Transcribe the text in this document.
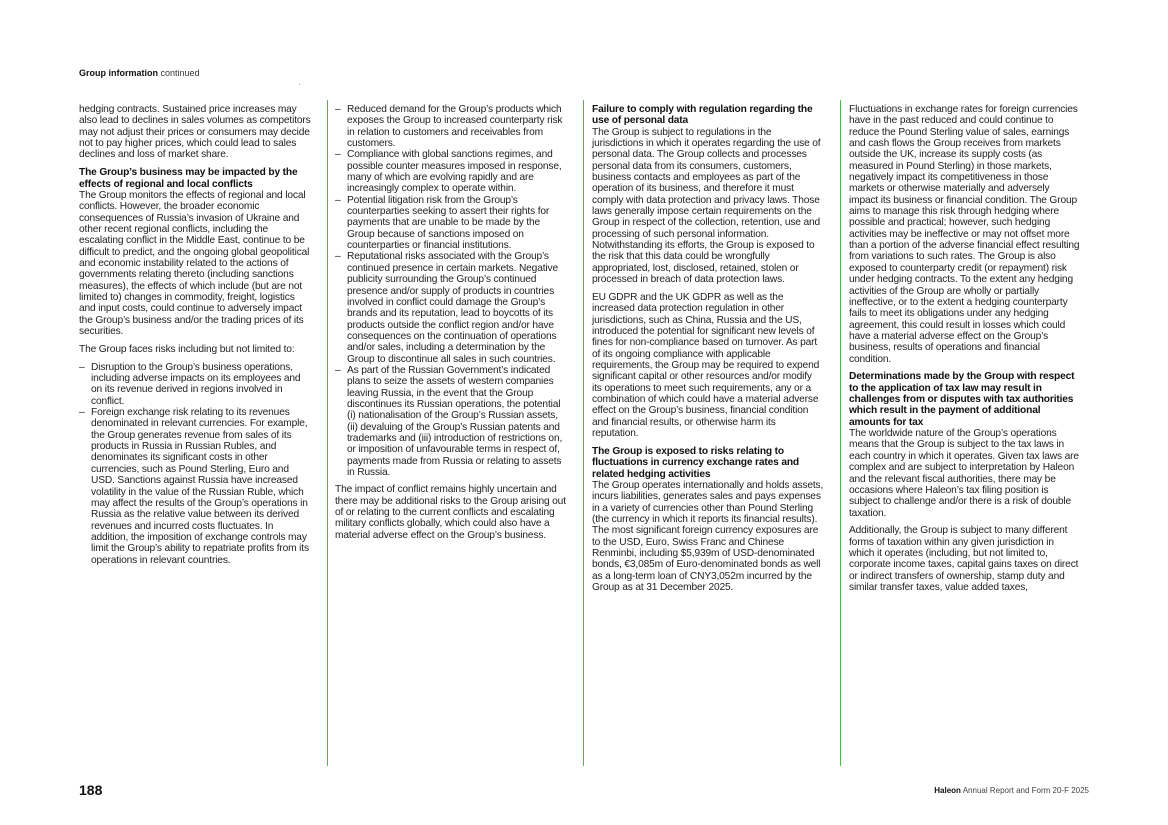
Group information continued

hedging contracts. Sustained price increases may also lead to declines in sales volumes as competitors may not adjust their prices or consumers may decide not to pay higher prices, which could lead to sales declines and loss of market share.

The Group’s business may be impacted by the effects of regional and local conflicts

The Group monitors the effects of regional and local conflicts. However, the broader economic consequences of Russia’s invasion of Ukraine and other recent regional conflicts, including the escalating conflict in the Middle East, continue to be difficult to predict, and the ongoing global geopolitical and economic instability related to the actions of governments relating thereto (including sanctions measures), the effects of which include (but are not limited to) changes in commodity, freight, logistics and input costs, could continue to adversely impact the Group’s business and/or the trading prices of its securities.

The Group faces risks including but not limited to:

– Disruption to the Group’s business operations, including adverse impacts on its employees and on its revenue derived in regions involved in conflict.
– Foreign exchange risk relating to its revenues denominated in relevant currencies. For example, the Group generates revenue from sales of its products in Russia in Russian Rubles, and denominates its significant costs in other currencies, such as Pound Sterling, Euro and USD. Sanctions against Russia have increased volatility in the value of the Russian Ruble, which may affect the results of the Group’s operations in Russia as the relative value between its derived revenues and incurred costs fluctuates. In addition, the imposition of exchange controls may limit the Group’s ability to repatriate profits from its operations in relevant countries.
– Reduced demand for the Group’s products which exposes the Group to increased counterparty risk in relation to customers and receivables from customers.
– Compliance with global sanctions regimes, and possible counter measures imposed in response, many of which are evolving rapidly and are increasingly complex to operate within.
– Potential litigation risk from the Group’s counterparties seeking to assert their rights for payments that are unable to be made by the Group because of sanctions imposed on counterparties or financial institutions.
– Reputational risks associated with the Group’s continued presence in certain markets. Negative publicity surrounding the Group’s continued presence and/or supply of products in countries involved in conflict could damage the Group’s brands and its reputation, lead to boycotts of its products outside the conflict region and/or have consequences on the continuation of operations and/or sales, including a determination by the Group to discontinue all sales in such countries.
– As part of the Russian Government’s indicated plans to seize the assets of western companies leaving Russia, in the event that the Group discontinues its Russian operations, the potential (i) nationalisation of the Group’s Russian assets, (ii) devaluing of the Group’s Russian patents and trademarks and (iii) introduction of restrictions on, or imposition of unfavourable terms in respect of, payments made from Russia or relating to assets in Russia.

The impact of conflict remains highly uncertain and there may be additional risks to the Group arising out of or relating to the current conflicts and escalating military conflicts globally, which could also have a material adverse effect on the Group’s business.

Failure to comply with regulation regarding the use of personal data

The Group is subject to regulations in the jurisdictions in which it operates regarding the use of personal data. The Group collects and processes personal data from its consumers, customers, business contacts and employees as part of the operation of its business, and therefore it must comply with data protection and privacy laws. Those laws generally impose certain requirements on the Group in respect of the collection, retention, use and processing of such personal information. Notwithstanding its efforts, the Group is exposed to the risk that this data could be wrongfully appropriated, lost, disclosed, retained, stolen or processed in breach of data protection laws.

EU GDPR and the UK GDPR as well as the increased data protection regulation in other jurisdictions, such as China, Russia and the US, introduced the potential for significant new levels of fines for non-compliance based on turnover. As part of its ongoing compliance with applicable requirements, the Group may be required to expend significant capital or other resources and/or modify its operations to meet such requirements, any or a combination of which could have a material adverse effect on the Group’s business, financial condition and financial results, or otherwise harm its reputation.

The Group is exposed to risks relating to fluctuations in currency exchange rates and related hedging activities

The Group operates internationally and holds assets, incurs liabilities, generates sales and pays expenses in a variety of currencies other than Pound Sterling (the currency in which it reports its financial results). The most significant foreign currency exposures are to the USD, Euro, Swiss Franc and Chinese Renminbi, including $5,939m of USD-denominated bonds, €3,085m of Euro-denominated bonds as well as a long-term loan of CNY3,052m incurred by the Group as at 31 December 2025.

Fluctuations in exchange rates for foreign currencies have in the past reduced and could continue to reduce the Pound Sterling value of sales, earnings and cash flows the Group receives from markets outside the UK, increase its supply costs (as measured in Pound Sterling) in those markets, negatively impact its competitiveness in those markets or otherwise materially and adversely impact its business or financial condition. The Group aims to manage this risk through hedging where possible and practical; however, such hedging activities may be ineffective or may not offset more than a portion of the adverse financial effect resulting from variations to such rates. The Group is also exposed to counterparty credit (or repayment) risk under hedging contracts. To the extent any hedging activities of the Group are wholly or partially ineffective, or to the extent a hedging counterparty fails to meet its obligations under any hedging agreement, this could result in losses which could have a material adverse effect on the Group’s business, results of operations and financial condition.

Determinations made by the Group with respect to the application of tax law may result in challenges from or disputes with tax authorities which result in the payment of additional amounts for tax

The worldwide nature of the Group’s operations means that the Group is subject to the tax laws in each country in which it operates. Given tax laws are complex and are subject to interpretation by Haleon and the relevant fiscal authorities, there may be occasions where Haleon’s tax filing position is subject to challenge and/or there is a risk of double taxation.

Additionally, the Group is subject to many different forms of taxation within any given jurisdiction in which it operates (including, but not limited to, corporate income taxes, capital gains taxes on direct or indirect transfers of ownership, stamp duty and similar transfer taxes, value added taxes,

188	Haleon Annual Report and Form 20-F 2025
